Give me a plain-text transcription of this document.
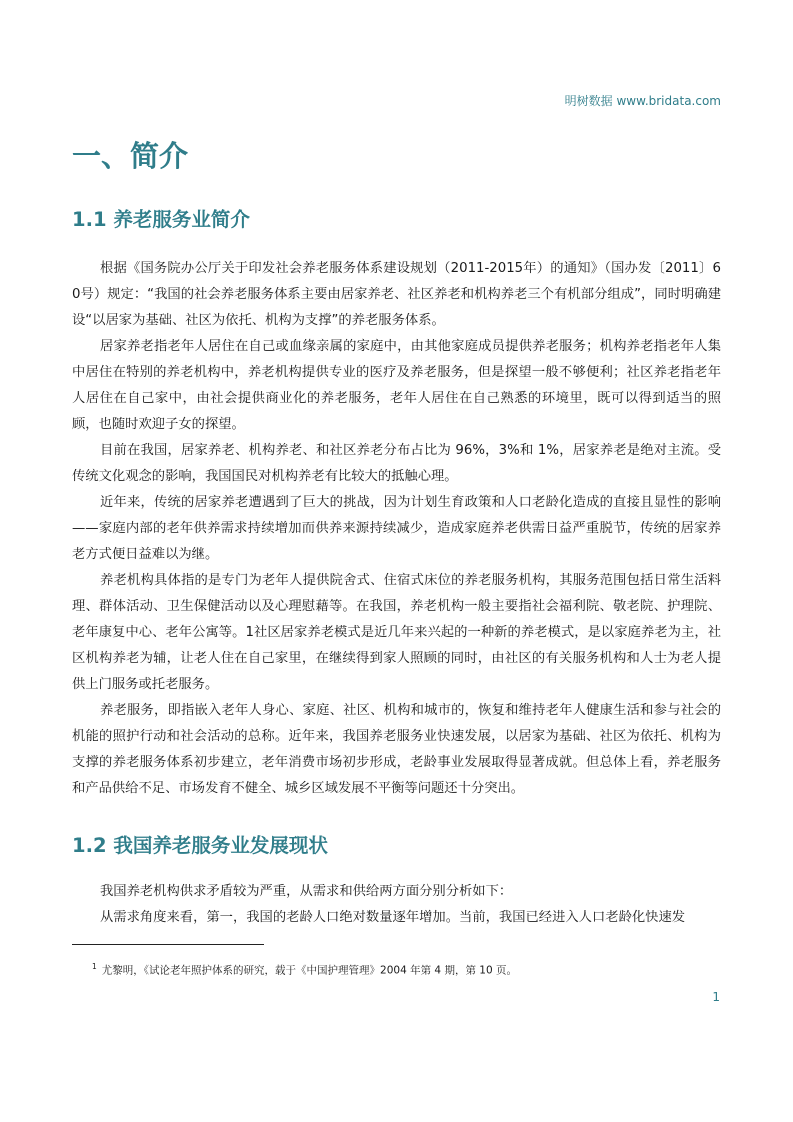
明树数据 www.bridata.com
一、简介
1.1 养老服务业简介

根据《国务院办公厅关于印发社会养老服务体系建设规划（2011-2015年）的通知》（国办发〔2011〕60号）规定：“我国的社会养老服务体系主要由居家养老、社区养老和机构养老三个有机部分组成”，同时明确建设“以居家为基础、社区为依托、机构为支撑”的养老服务体系。

居家养老指老年人居住在自己或血缘亲属的家庭中，由其他家庭成员提供养老服务；机构养老指老年人集中居住在特别的养老机构中，养老机构提供专业的医疗及养老服务，但是探望一般不够便利；社区养老指老年人居住在自己家中，由社会提供商业化的养老服务，老年人居住在自己熟悉的环境里，既可以得到适当的照顾，也随时欢迎子女的探望。

目前在我国，居家养老、机构养老、和社区养老分布占比为 96%，3%和 1%，居家养老是绝对主流。受传统文化观念的影响，我国国民对机构养老有比较大的抵触心理。

近年来，传统的居家养老遭遇到了巨大的挑战，因为计划生育政策和人口老龄化造成的直接且显性的影响——家庭内部的老年供养需求持续增加而供养来源持续减少，造成家庭养老供需日益严重脱节，传统的居家养老方式便日益难以为继。

养老机构具体指的是专门为老年人提供院舍式、住宿式床位的养老服务机构，其服务范围包括日常生活料理、群体活动、卫生保健活动以及心理慰藉等。在我国，养老机构一般主要指社会福利院、敬老院、护理院、老年康复中心、老年公寓等。1社区居家养老模式是近几年来兴起的一种新的养老模式，是以家庭养老为主，社区机构养老为辅，让老人住在自己家里，在继续得到家人照顾的同时，由社区的有关服务机构和人士为老人提供上门服务或托老服务。

养老服务，即指嵌入老年人身心、家庭、社区、机构和城市的，恢复和维持老年人健康生活和参与社会的机能的照护行动和社会活动的总称。近年来，我国养老服务业快速发展，以居家为基础、社区为依托、机构为支撑的养老服务体系初步建立，老年消费市场初步形成，老龄事业发展取得显著成就。但总体上看，养老服务和产品供给不足、市场发育不健全、城乡区域发展不平衡等问题还十分突出。

1.2 我国养老服务业发展现状

我国养老机构供求矛盾较为严重，从需求和供给两方面分别分析如下：

从需求角度来看，第一，我国的老龄人口绝对数量逐年增加。当前，我国已经进入人口老龄化快速发

$^1$ 尤黎明，《试论老年照护体系的研究，载于《中国护理管理》2004 年第 4 期，第 10 页。
1
